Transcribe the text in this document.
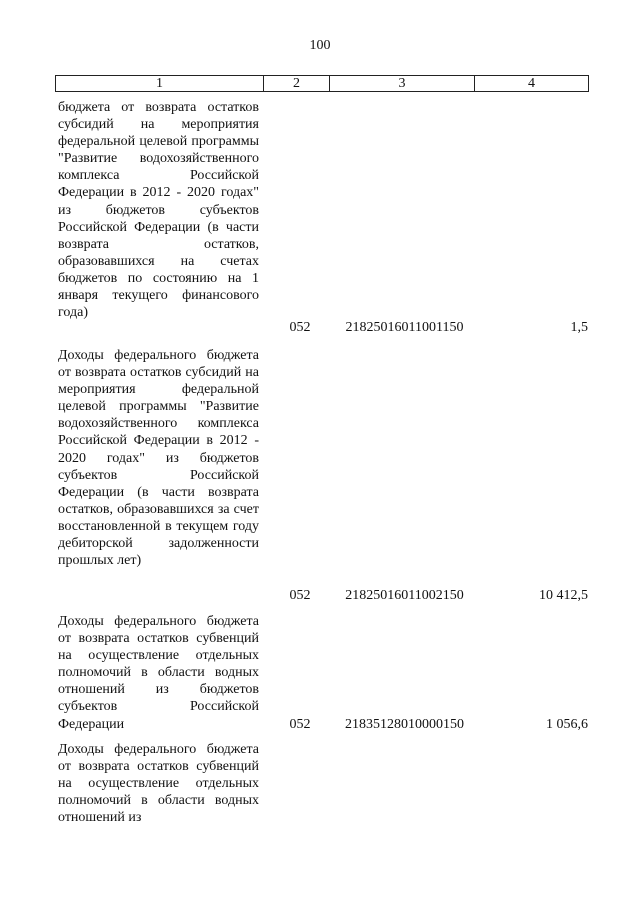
100
1	2	3	4
бюджета от возврата остатков субсидий на мероприятия федеральной целевой программы "Развитие водохозяйственного комплекса Российской Федерации в 2012 - 2020 годах" из бюджетов субъектов Российской Федерации (в части возврата остатков, образовавшихся на счетах бюджетов по состоянию на 1 января текущего финансового года)
052	21825016011001150	1,5
Доходы федерального бюджета от возврата остатков субсидий на мероприятия федеральной целевой программы "Развитие водохозяйственного комплекса Российской Федерации в 2012 - 2020 годах" из бюджетов субъектов Российской Федерации (в части возврата остатков, образовавшихся за счет восстановленной в текущем году дебиторской задолженности прошлых лет)
052	21825016011002150	10 412,5
Доходы федерального бюджета от возврата остатков субвенций на осуществление отдельных полномочий в области водных отношений из бюджетов субъектов Российской Федерации	052	21835128010000150	1 056,6
Доходы федерального бюджета от возврата остатков субвенций на осуществление отдельных полномочий в области водных отношений из
